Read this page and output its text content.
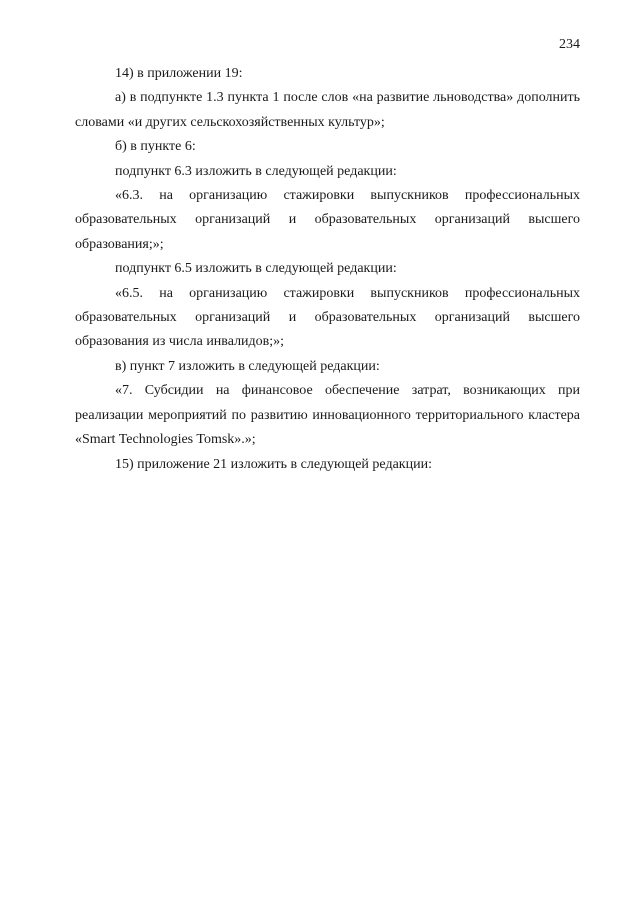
234

14) в приложении 19:

а) в подпункте 1.3 пункта 1 после слов «на развитие льноводства» дополнить словами «и других сельскохозяйственных культур»;

б) в пункте 6:

подпункт 6.3 изложить в следующей редакции:

«6.3. на организацию стажировки выпускников профессиональных образовательных организаций и образовательных организаций высшего образования;»;

подпункт 6.5 изложить в следующей редакции:

«6.5. на организацию стажировки выпускников профессиональных образовательных организаций и образовательных организаций высшего образования из числа инвалидов;»;

в) пункт 7 изложить в следующей редакции:

«7. Субсидии на финансовое обеспечение затрат, возникающих при реализации мероприятий по развитию инновационного территориального кластера «Smart Technologies Tomsk».»;

15) приложение 21 изложить в следующей редакции:
